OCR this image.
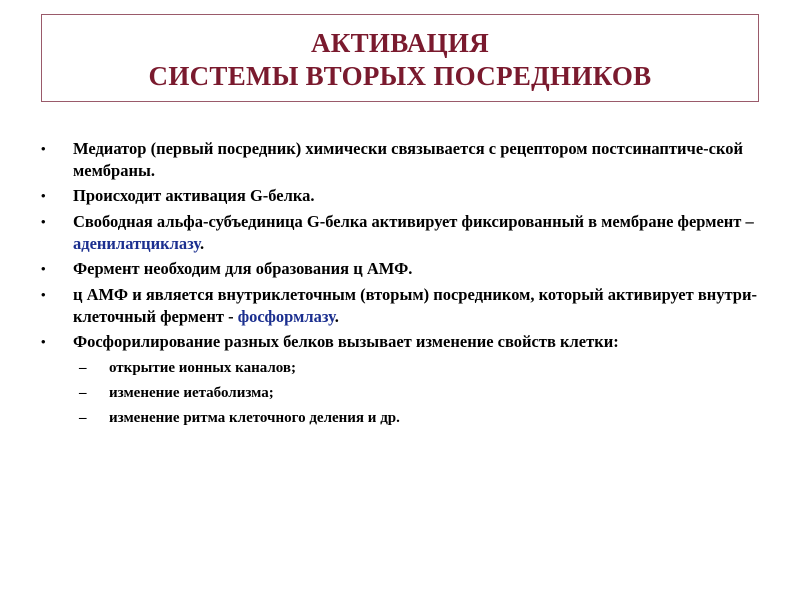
АКТИВАЦИЯ
СИСТЕМЫ ВТОРЫХ ПОСРЕДНИКОВ
• Медиатор (первый посредник) химически связывается с рецептором постсинаптиче-ской мембраны.
• Происходит активация G-белка.
• Свободная альфа-субъединица G-белка активирует фиксированный в мембране фермент – аденилатциклазу.
• Фермент необходим для образования ц АМФ.
• ц АМФ и является внутриклеточным (вторым) посредником, который активирует внутри-клеточный фермент - фосформлазу.
• Фосфорилирование разных белков вызывает изменение свойств клетки:
– открытие ионных каналов;
– изменение иетаболизма;
– изменение ритма клеточного деления и др.
